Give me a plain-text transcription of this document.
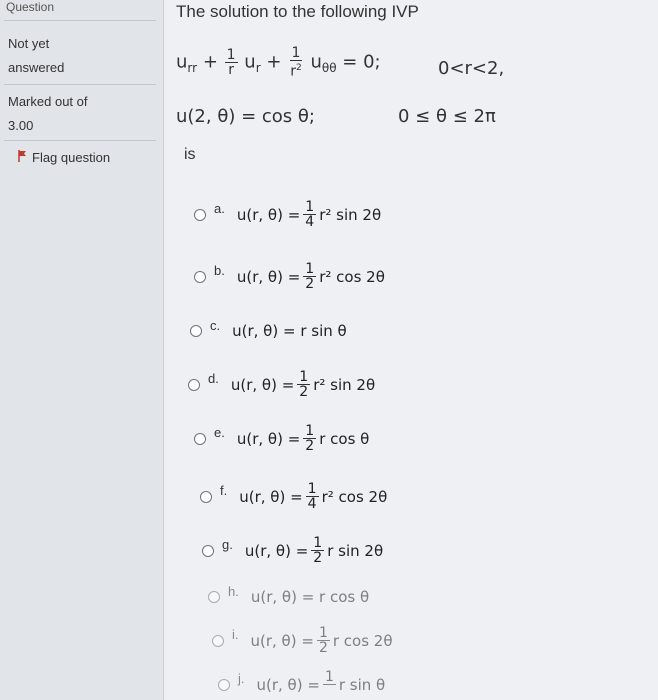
Question
Not yet
answered
Marked out of
3.00
Flag question
The solution to the following IVP
$u_{rr} + \frac{1}{r} u_r + \frac{1}{r^2} u_{\theta\theta} = 0$;	0<r<2,
u(2, θ) = cos θ;	0 ≤ θ ≤ 2π
is
a. u(r, $\theta) = \frac{1}{4} r^2$ sin 2θ
b. u(r, $\theta) = \frac{1}{2} r^2$ cos 2θ
c. u(r, θ) = r sin θ
d. u(r, $\theta) = \frac{1}{2} r^2$ sin 2θ
e. u(r, $\theta) = \frac{1}{2}$ r cos θ
f. u(r, $\theta) = \frac{1}{4} r^2$ cos 2θ
g. u(r, $\theta) = \frac{1}{2}$ r sin 2θ
h. u(r, θ) = r cos θ
i. u(r, $\theta) = \frac{1}{2}$ r cos 2θ
j. u(r, θ) = 1
r sin θ
